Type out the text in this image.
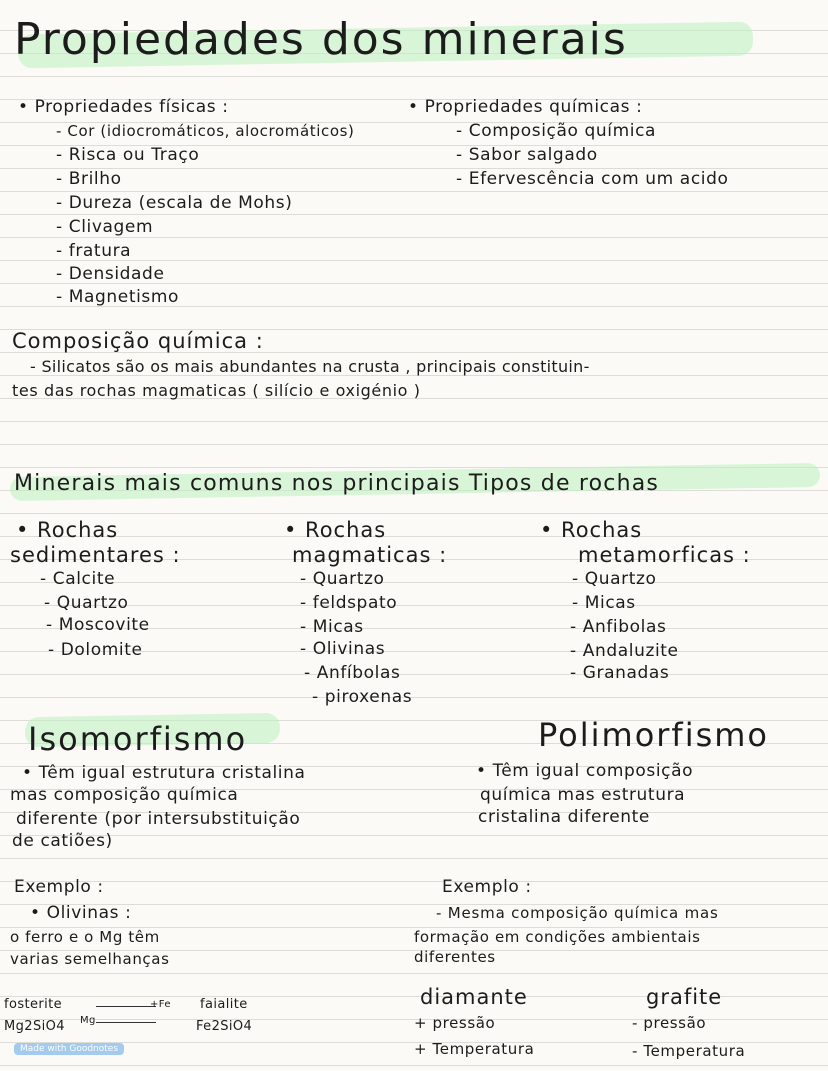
Propiedades dos minerais
• Propriedades físicas :
- Cor (idiocromáticos, alocromáticos)
- Risca ou Traço
- Brilho
- Dureza (escala de Mohs)
- Clivagem
- fratura
- Densidade
- Magnetismo
• Propriedades químicas :
- Composição química
- Sabor salgado
- Efervescência com um acido
Composição química :
- Silicatos são os mais abundantes na crusta , principais constituin-
tes das rochas magmaticas ( silício e oxigénio )
Minerais mais comuns nos principais Tipos de rochas
• Rochas
sedimentares :
- Calcite
- Quartzo
- Moscovite
- Dolomite
• Rochas
magmaticas :
- Quartzo
- feldspato
- Micas
- Olivinas
- Anfíbolas
- piroxenas
• Rochas
metamorficas :
- Quartzo
- Micas
- Anfibolas
- Andaluzite
- Granadas
Isomorfismo
• Têm igual estrutura cristalina
mas composição química
diferente (por intersubstituição
de catiões)
Exemplo :
• Olivinas :
o ferro e o Mg têm
varias semelhanças
fosterite
Mg2SiO4
+Fe
Mg
faialite
Fe2SiO4
Polimorfismo
• Têm igual composição
química mas estrutura
cristalina diferente
Exemplo :
- Mesma composição química mas
formação em condições ambientais
diferentes
diamante
+ pressão
+ Temperatura
grafite
- pressão
- Temperatura
Made with Goodnotes
